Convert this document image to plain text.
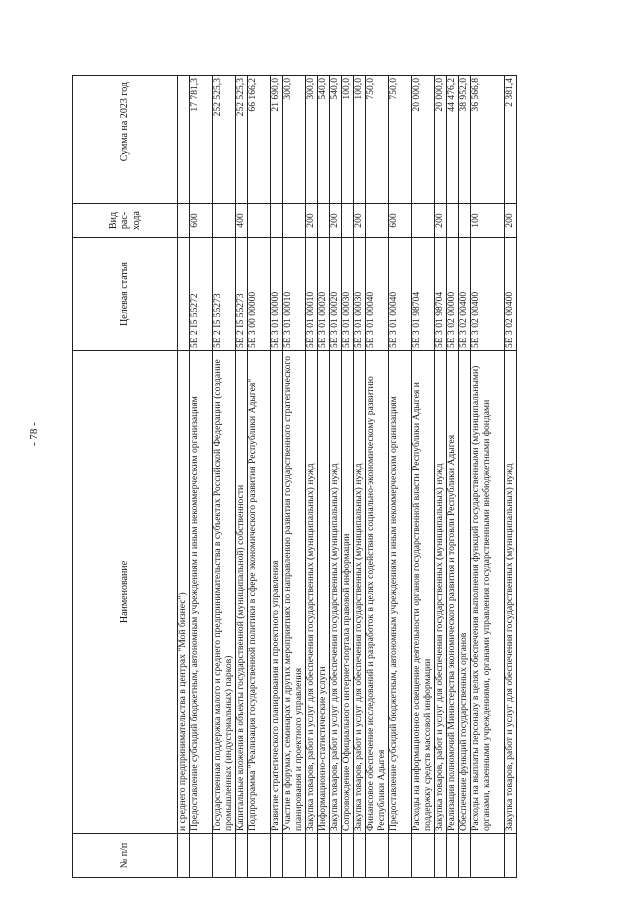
- 78 -
№ п/п	Наименование	Целевая статья	Вид рас- хода	Сумма на 2023 год
	и среднего предпринимательства в центрах "Мой бизнес")			
	Предоставление субсидий бюджетным, автономным учреждениям и иным некоммерческим организациям	5Е 2 I5 55272	600	17 781,3
	Государственная поддержка малого и среднего предпринимательства в субъектах Российской Федерации (создание промышленных (индустриальных) парков)	5Е 2 I5 55273		252 525,3
	Капитальные вложения в объекты государственной (муниципальной) собственности	5Е 2 I5 55273	400	252 525,3
	Подпрограмма "Реализация государственной политики в сфере экономического развития Республики Адыгея"	5Е 3 00 00000		66 166,2
	Развитие стратегического планирования и проектного управления	5Е 3 01 00000		21 690,0
	Участие в форумах, семинарах и других мероприятиях по направлению развития государственного стратегического планирования и проектного управления	5Е 3 01 00010		300,0
	Закупка товаров, работ и услуг для обеспечения государственных (муниципальных) нужд	5Е 3 01 00010	200	300,0
	Информационно-статистические услуги	5Е 3 01 00020		540,0
	Закупка товаров, работ и услуг для обеспечения государственных (муниципальных) нужд	5Е 3 01 00020	200	540,0
	Сопровождение Официального интернет-портала правовой информации	5Е 3 01 00030		100,0
	Закупка товаров, работ и услуг для обеспечения государственных (муниципальных) нужд	5Е 3 01 00030	200	100,0
	Финансовое обеспечение исследований и разработок в целях содействия социально-экономическому развитию Республики Адыгея	5Е 3 01 00040		750,0
	Предоставление субсидий бюджетным, автономным учреждениям и иным некоммерческим организациям	5Е 3 01 00040	600	750,0
	Расходы на информационное освещение деятельности органов государственной власти Республики Адыгея и поддержку средств массовой информации	5Е 3 01 98704		20 000,0
	Закупка товаров, работ и услуг для обеспечения государственных (муниципальных) нужд	5Е 3 01 98704	200	20 000,0
	Реализация полномочий Министерства экономического развития и торговли Республики Адыгея	5Е 3 02 00000		44 476,2
	Обеспечение функций государственных органов	5Е 3 02 00400		38 952,0
	Расходы на выплаты персоналу в целях обеспечения выполнения функций государственными (муниципальными) органами, казенными учреждениями, органами управления государственными внебюджетными фондами	5Е 3 02 00400	100	36 566,8
	Закупка товаров, работ и услуг для обеспечения государственных (муниципальных) нужд	5Е 3 02 00400	200	2 381,4
